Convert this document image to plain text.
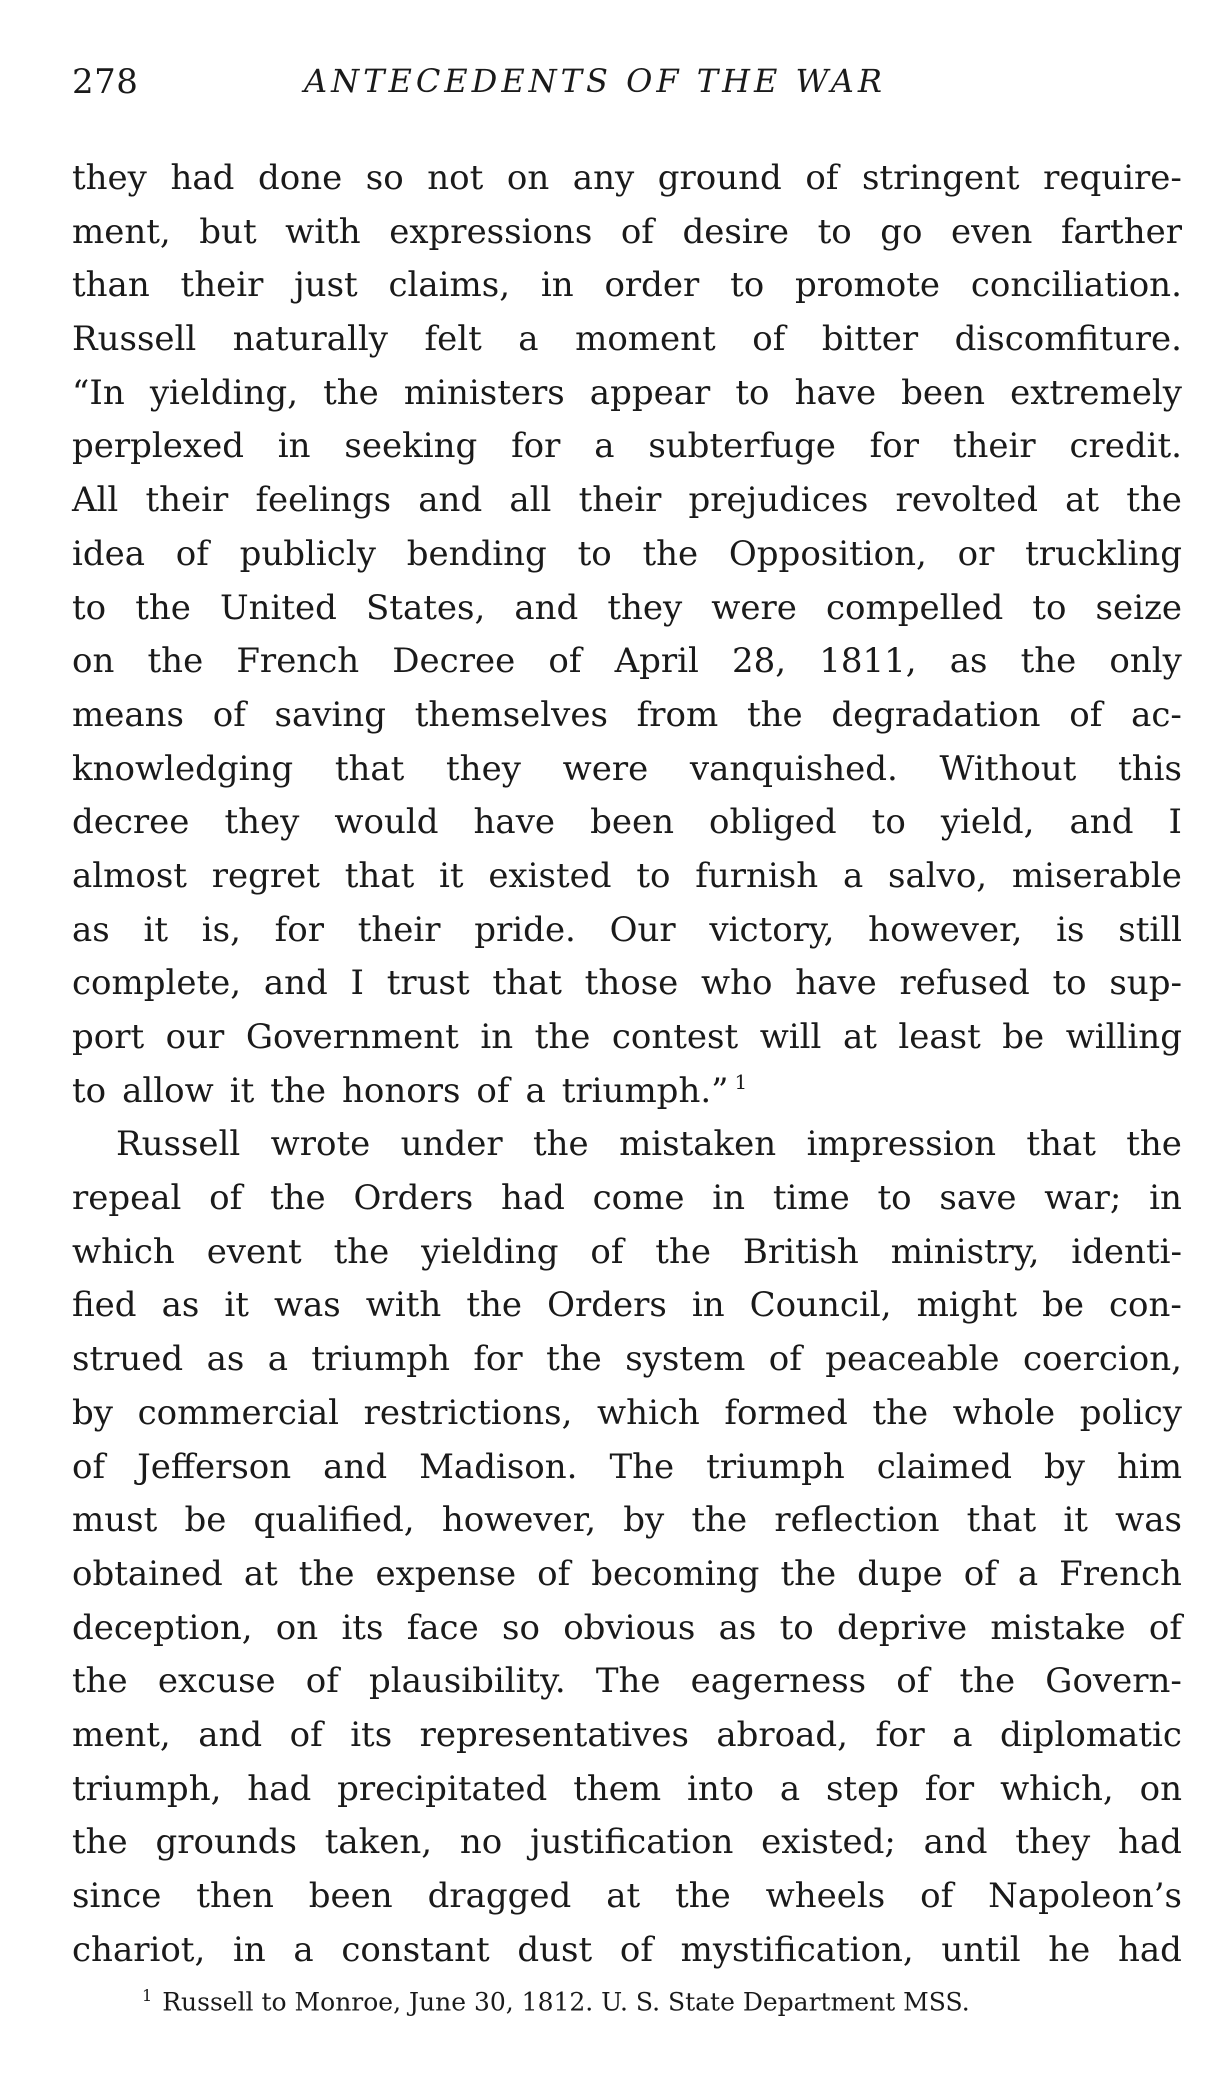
278	ANTECEDENTS OF THE WAR
they had done so not on any ground of stringent require-
ment, but with expressions of desire to go even farther
than their just claims, in order to promote conciliation.
Russell naturally felt a moment of bitter discomfiture.
“In yielding, the ministers appear to have been extremely
perplexed in seeking for a subterfuge for their credit.
All their feelings and all their prejudices revolted at the
idea of publicly bending to the Opposition, or truckling
to the United States, and they were compelled to seize
on the French Decree of April 28, 1811, as the only
means of saving themselves from the degradation of ac-
knowledging that they were vanquished. Without this
decree they would have been obliged to yield, and I
almost regret that it existed to furnish a salvo, miserable
as it is, for their pride. Our victory, however, is still
complete, and I trust that those who have refused to sup-
port our Government in the contest will at least be willing
to allow it the honors of a triumph.” $^1$
Russell wrote under the mistaken impression that the
repeal of the Orders had come in time to save war; in
which event the yielding of the British ministry, identi-
fied as it was with the Orders in Council, might be con-
strued as a triumph for the system of peaceable coercion,
by commercial restrictions, which formed the whole policy
of Jefferson and Madison. The triumph claimed by him
must be qualified, however, by the reflection that it was
obtained at the expense of becoming the dupe of a French
deception, on its face so obvious as to deprive mistake of
the excuse of plausibility. The eagerness of the Govern-
ment, and of its representatives abroad, for a diplomatic
triumph, had precipitated them into a step for which, on
the grounds taken, no justification existed; and they had
since then been dragged at the wheels of Napoleon’s
chariot, in a constant dust of mystification, until he had
$^1$ Russell to Monroe, June 30, 1812. U. S. State Department MSS.
